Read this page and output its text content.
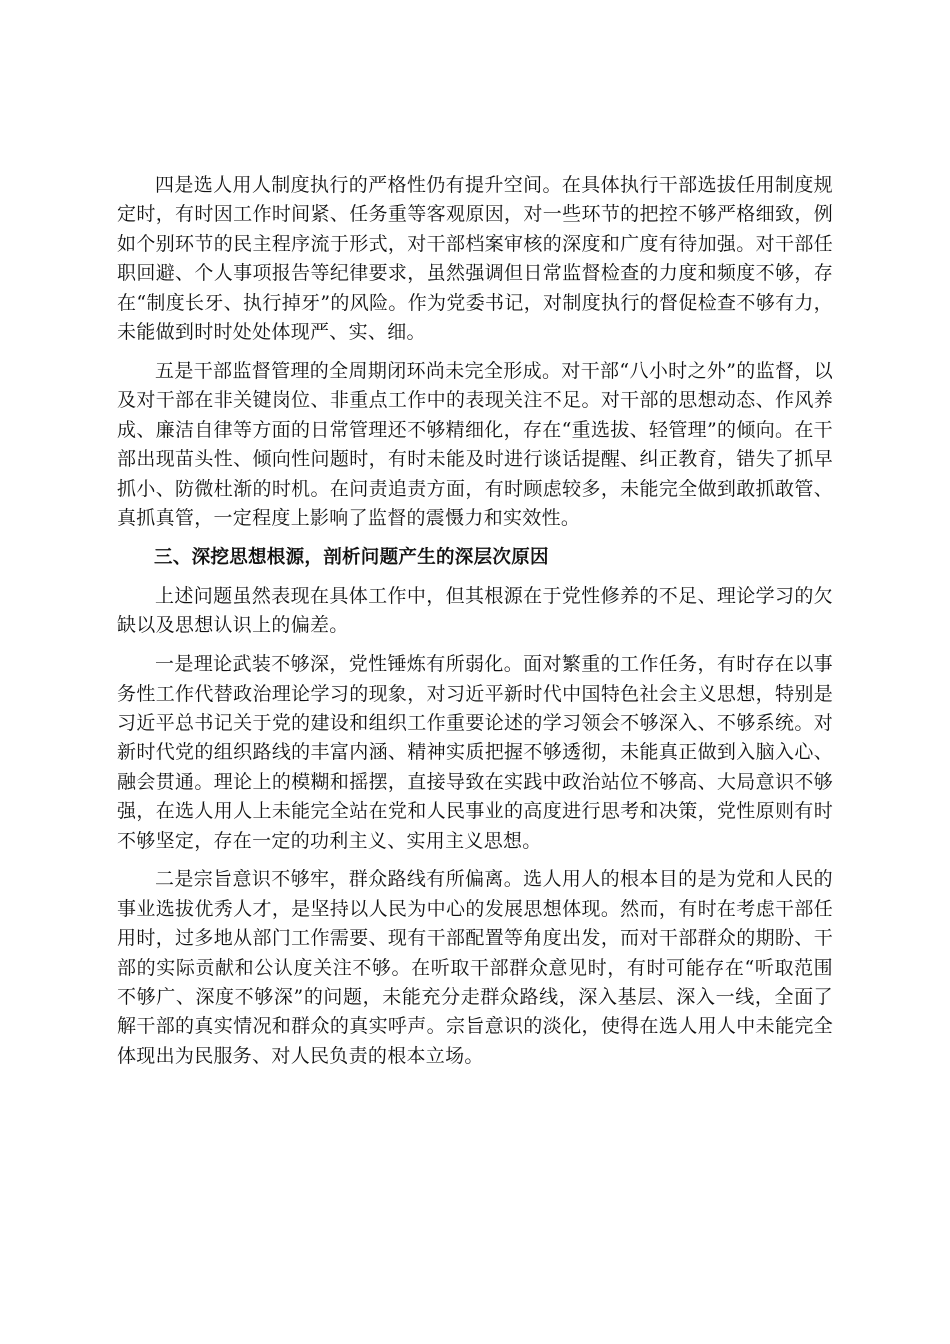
四是选人用人制度执行的严格性仍有提升空间。在具体执行干部选拔任用制度规定时，有时因工作时间紧、任务重等客观原因，对一些环节的把控不够严格细致，例如个别环节的民主程序流于形式，对干部档案审核的深度和广度有待加强。对干部任职回避、个人事项报告等纪律要求，虽然强调但日常监督检查的力度和频度不够，存在“制度长牙、执行掉牙”的风险。作为党委书记，对制度执行的督促检查不够有力，未能做到时时处处体现严、实、细。

五是干部监督管理的全周期闭环尚未完全形成。对干部“八小时之外”的监督，以及对干部在非关键岗位、非重点工作中的表现关注不足。对干部的思想动态、作风养成、廉洁自律等方面的日常管理还不够精细化，存在“重选拔、轻管理”的倾向。在干部出现苗头性、倾向性问题时，有时未能及时进行谈话提醒、纠正教育，错失了抓早抓小、防微杜渐的时机。在问责追责方面，有时顾虑较多，未能完全做到敢抓敢管、真抓真管，一定程度上影响了监督的震慑力和实效性。

三、深挖思想根源，剖析问题产生的深层次原因

上述问题虽然表现在具体工作中，但其根源在于党性修养的不足、理论学习的欠缺以及思想认识上的偏差。

一是理论武装不够深，党性锤炼有所弱化。面对繁重的工作任务，有时存在以事务性工作代替政治理论学习的现象，对习近平新时代中国特色社会主义思想，特别是习近平总书记关于党的建设和组织工作重要论述的学习领会不够深入、不够系统。对新时代党的组织路线的丰富内涵、精神实质把握不够透彻，未能真正做到入脑入心、融会贯通。理论上的模糊和摇摆，直接导致在实践中政治站位不够高、大局意识不够强，在选人用人上未能完全站在党和人民事业的高度进行思考和决策，党性原则有时不够坚定，存在一定的功利主义、实用主义思想。

二是宗旨意识不够牢，群众路线有所偏离。选人用人的根本目的是为党和人民的事业选拔优秀人才，是坚持以人民为中心的发展思想体现。然而，有时在考虑干部任用时，过多地从部门工作需要、现有干部配置等角度出发，而对干部群众的期盼、干部的实际贡献和公认度关注不够。在听取干部群众意见时，有时可能存在“听取范围不够广、深度不够深”的问题，未能充分走群众路线，深入基层、深入一线，全面了解干部的真实情况和群众的真实呼声。宗旨意识的淡化，使得在选人用人中未能完全体现出为民服务、对人民负责的根本立场。
